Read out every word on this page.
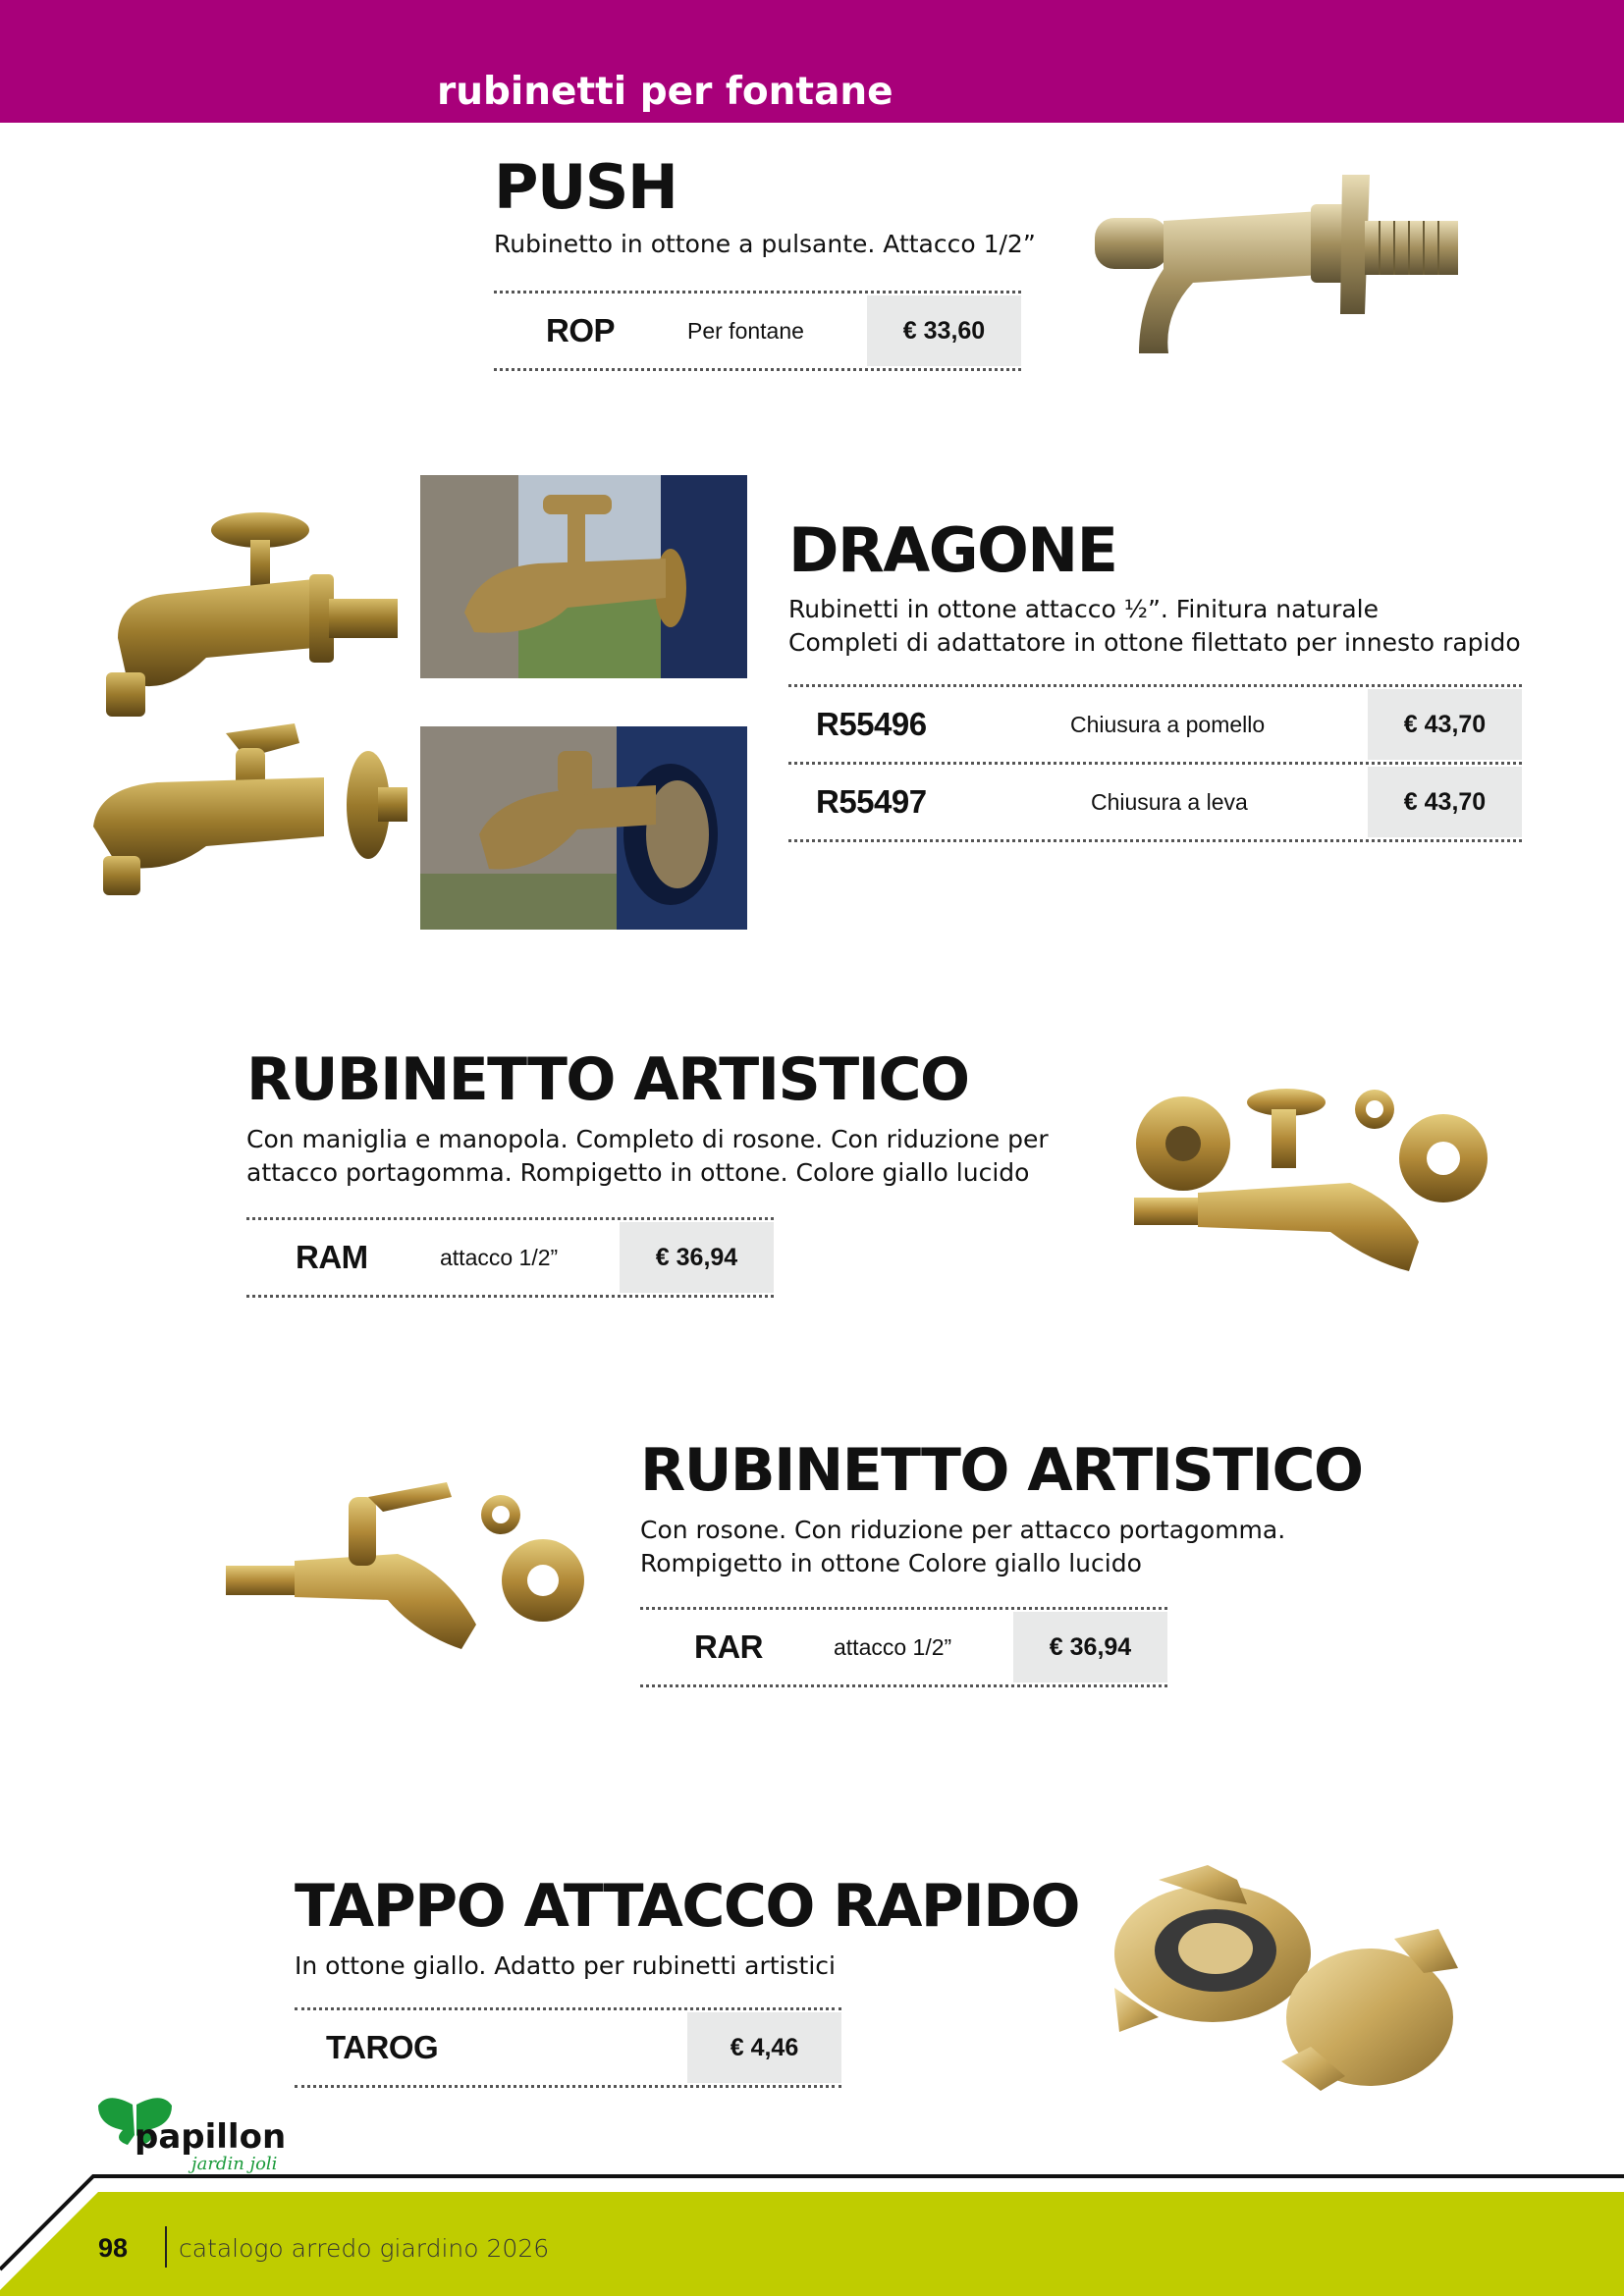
rubinetti per fontane
PUSH

Rubinetto in ottone a pulsante. Attacco 1/2”

ROP	Per fontane	€ 33,60
DRAGONE

Rubinetti in ottone attacco ½”. Finitura naturale

Completi di adattatore in ottone filettato per innesto rapido

R55496	Chiusura a pomello	€ 43,70
R55497	Chiusura a leva	€ 43,70
RUBINETTO ARTISTICO

Con maniglia e manopola. Completo di rosone. Con riduzione per

attacco portagomma. Rompigetto in ottone. Colore giallo lucido

RAM	attacco 1/2”	€ 36,94
RUBINETTO ARTISTICO

Con rosone. Con riduzione per attacco portagomma.

Rompigetto in ottone Colore giallo lucido

RAR	attacco 1/2”	€ 36,94
TAPPO ATTACCO RAPIDO

In ottone giallo. Adatto per rubinetti artistici

TAROG	€ 4,46
papillon
jardin joli
98 catalogo arredo giardino 2026
